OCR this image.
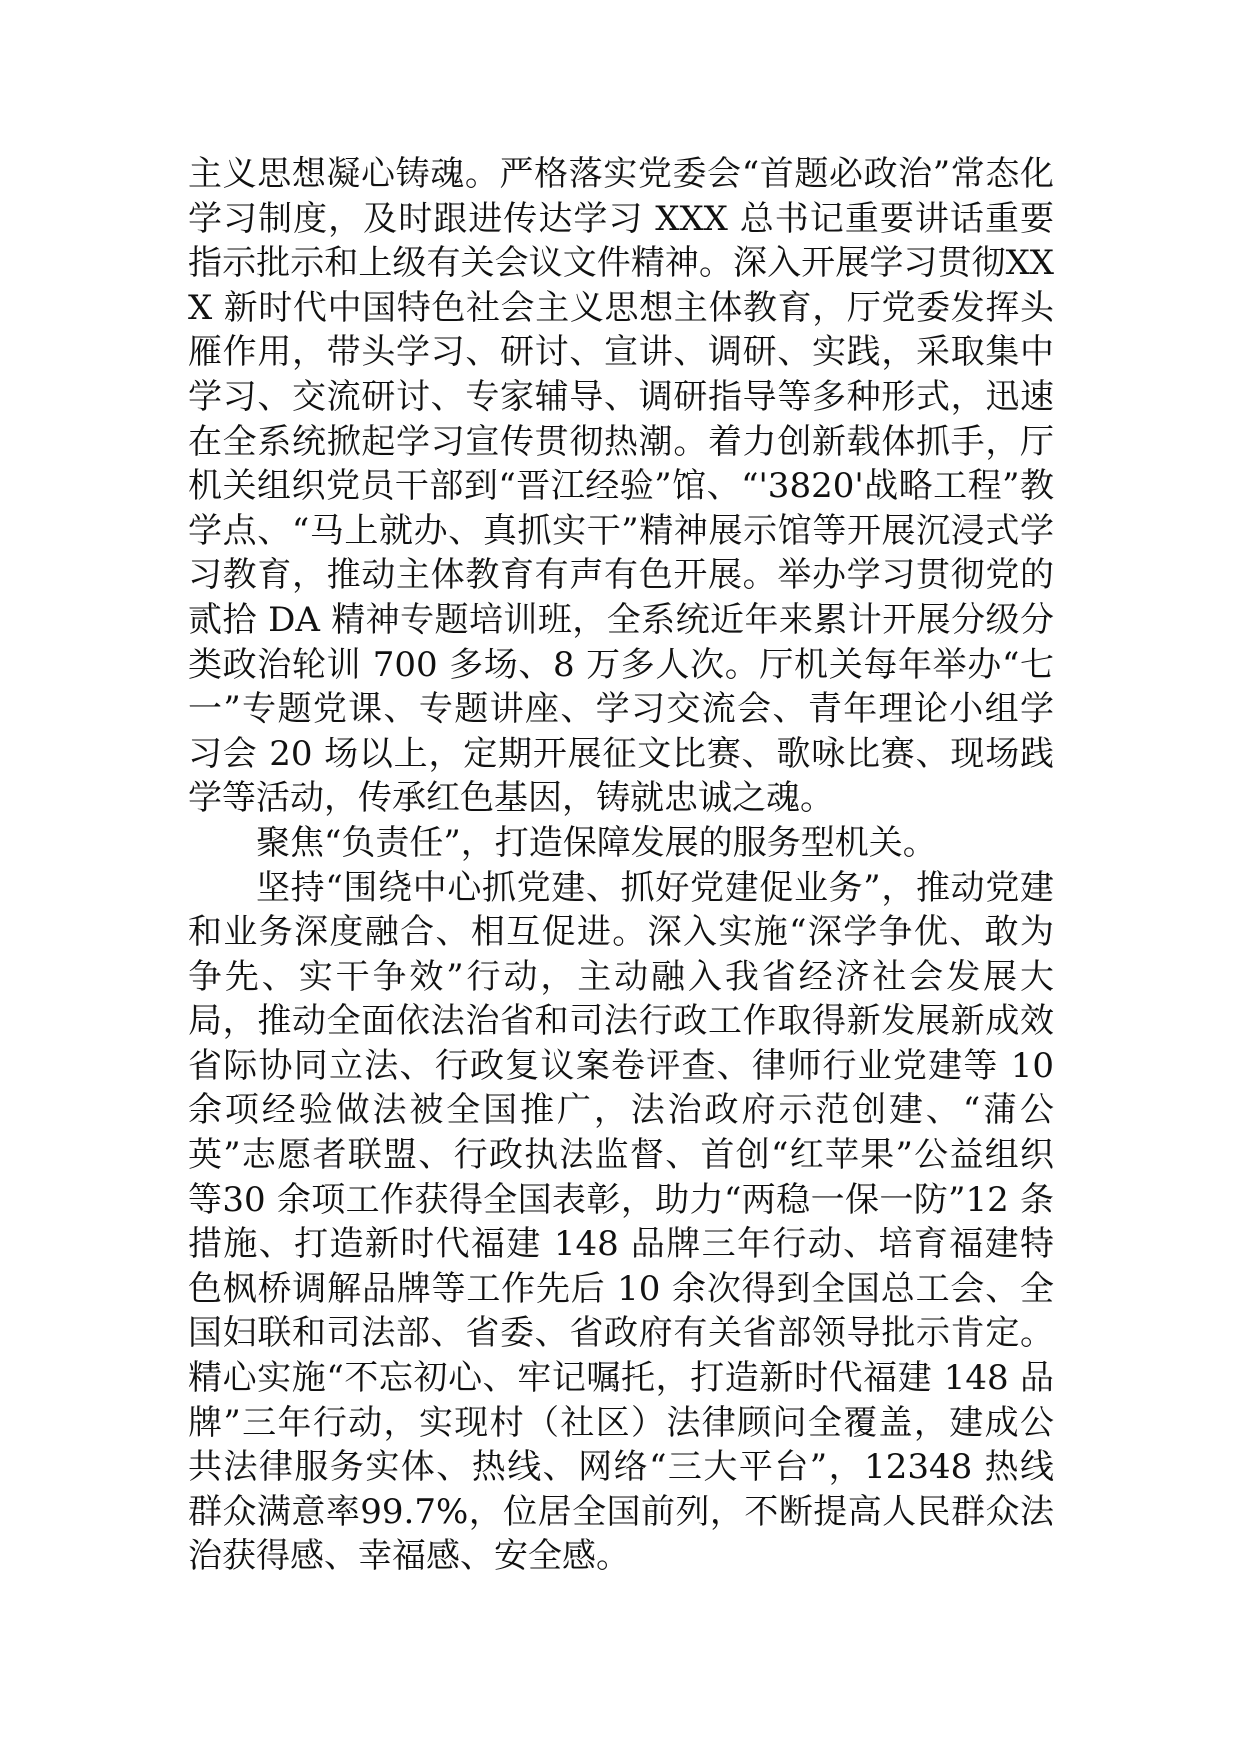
主义思想凝心铸魂。严格落实党委会“首题必政治”常态化学习制度，及时跟进传达学习 XXX 总书记重要讲话重要指示批示和上级有关会议文件精神。深入开展学习贯彻XXX 新时代中国特色社会主义思想主体教育，厅党委发挥头雁作用，带头学习、研讨、宣讲、调研、实践，采取集中学习、交流研讨、专家辅导、调研指导等多种形式，迅速在全系统掀起学习宣传贯彻热潮。着力创新载体抓手，厅机关组织党员干部到“晋江经验”馆、“'3820'战略工程”教学点、“马上就办、真抓实干”精神展示馆等开展沉浸式学习教育，推动主体教育有声有色开展。举办学习贯彻党的贰拾 DA 精神专题培训班，全系统近年来累计开展分级分类政治轮训 700 多场、8 万多人次。厅机关每年举办“七一”专题党课、专题讲座、学习交流会、青年理论小组学习会 20 场以上，定期开展征文比赛、歌咏比赛、现场践学等活动，传承红色基因，铸就忠诚之魂。

聚焦“负责任”，打造保障发展的服务型机关。

坚持“围绕中心抓党建、抓好党建促业务”，推动党建和业务深度融合、相互促进。深入实施“深学争优、敢为争先、实干争效”行动，主动融入我省经济社会发展大局，推动全面依法治省和司法行政工作取得新发展新成效省际协同立法、行政复议案卷评查、律师行业党建等 10 余项经验做法被全国推广，法治政府示范创建、“蒲公英”志愿者联盟、行政执法监督、首创“红苹果”公益组织等30 余项工作获得全国表彰，助力“两稳一保一防”12 条措施、打造新时代福建 148 品牌三年行动、培育福建特色枫桥调解品牌等工作先后 10 余次得到全国总工会、全国妇联和司法部、省委、省政府有关省部领导批示肯定。精心实施“不忘初心、牢记嘱托，打造新时代福建 148 品牌”三年行动，实现村（社区）法律顾问全覆盖，建成公共法律服务实体、热线、网络“三大平台”，12348 热线群众满意率99.7%，位居全国前列，不断提高人民群众法治获得感、幸福感、安全感。
